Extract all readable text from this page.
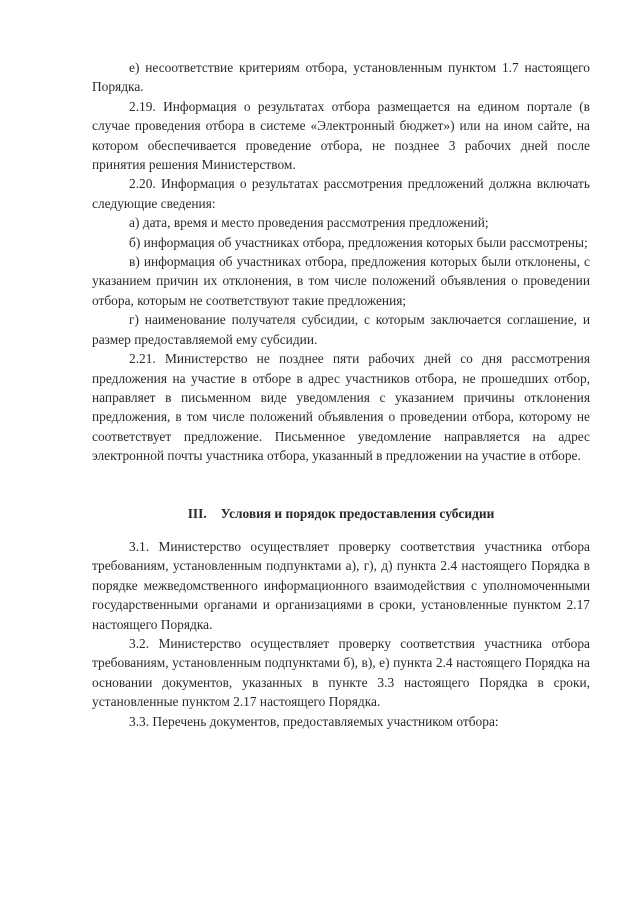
е) несоответствие критериям отбора, установленным пунктом 1.7 настоящего Порядка.

2.19. Информация о результатах отбора размещается на едином портале (в случае проведения отбора в системе «Электронный бюджет») или на ином сайте, на котором обеспечивается проведение отбора, не позднее 3 рабочих дней после принятия решения Министерством.

2.20. Информация о результатах рассмотрения предложений должна включать следующие сведения:

а) дата, время и место проведения рассмотрения предложений;

б) информация об участниках отбора, предложения которых были рассмотрены;

в) информация об участниках отбора, предложения которых были отклонены, с указанием причин их отклонения, в том числе положений объявления о проведении отбора, которым не соответствуют такие предложения;

г) наименование получателя субсидии, с которым заключается соглашение, и размер предоставляемой ему субсидии.

2.21. Министерство не позднее пяти рабочих дней со дня рассмотрения предложения на участие в отборе в адрес участников отбора, не прошедших отбор, направляет в письменном виде уведомления с указанием причины отклонения предложения, в том числе положений объявления о проведении отбора, которому не соответствует предложение. Письменное уведомление направляется на адрес электронной почты участника отбора, указанный в предложении на участие в отборе.

III. Условия и порядок предоставления субсидии

3.1. Министерство осуществляет проверку соответствия участника отбора требованиям, установленным подпунктами а), г), д) пункта 2.4 настоящего Порядка в порядке межведомственного информационного взаимодействия с уполномоченными государственными органами и организациями в сроки, установленные пунктом 2.17 настоящего Порядка.

3.2. Министерство осуществляет проверку соответствия участника отбора требованиям, установленным подпунктами б), в), е) пункта 2.4 настоящего Порядка на основании документов, указанных в пункте 3.3 настоящего Порядка в сроки, установленные пунктом 2.17 настоящего Порядка.

3.3. Перечень документов, предоставляемых участником отбора:
